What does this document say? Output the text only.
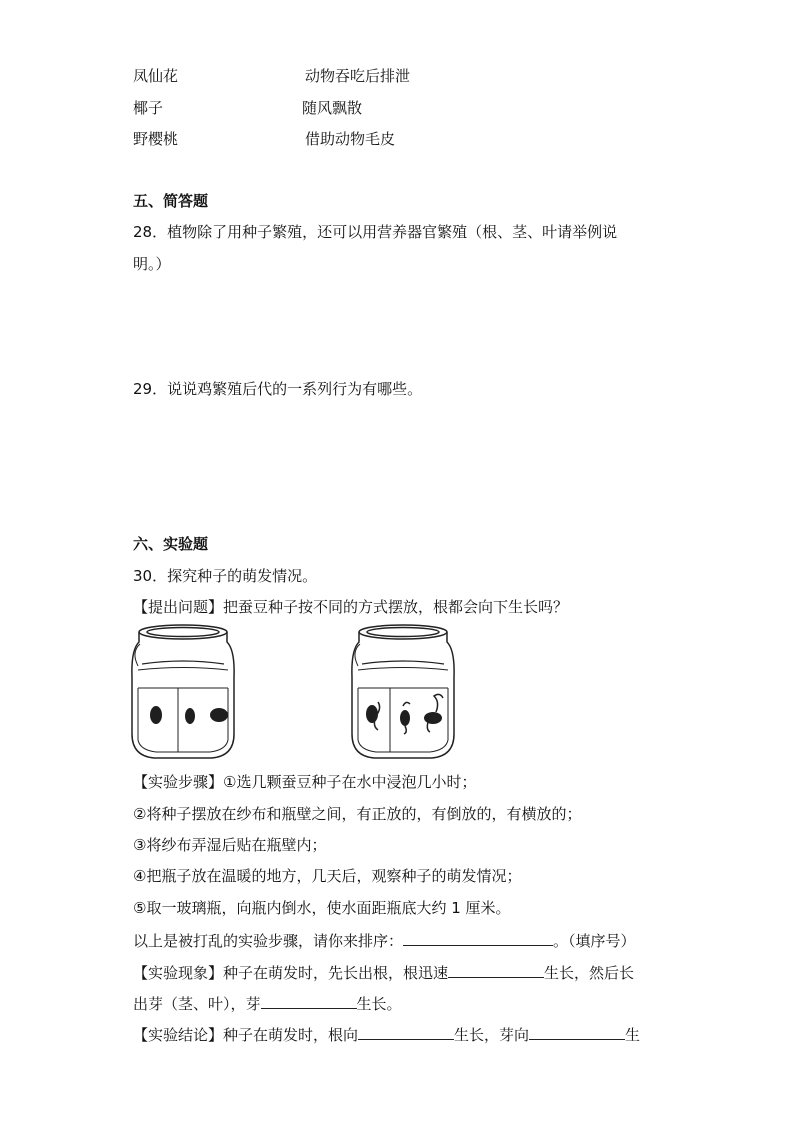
凤仙花	动物吞吃后排泄
椰子	随风飘散
野樱桃	借助动物毛皮
五、简答题
28．植物除了用种子繁殖，还可以用营养器官繁殖（根、茎、叶请举例说
明。）
29．说说鸡繁殖后代的一系列行为有哪些。
六、实验题
30．探究种子的萌发情况。
【提出问题】把蚕豆种子按不同的方式摆放，根都会向下生长吗？
【实验步骤】①选几颗蚕豆种子在水中浸泡几小时；
②将种子摆放在纱布和瓶壁之间，有正放的，有倒放的，有横放的；
③将纱布弄湿后贴在瓶壁内；
④把瓶子放在温暖的地方，几天后，观察种子的萌发情况；
⑤取一玻璃瓶，向瓶内倒水，使水面距瓶底大约 1 厘米。
以上是被打乱的实验步骤，请你来排序：	。（填序号）
【实验现象】种子在萌发时，先长出根，根迅速	生长，然后长
出芽（茎、叶），芽	生长。
【实验结论】种子在萌发时，根向	生长，芽向	生
